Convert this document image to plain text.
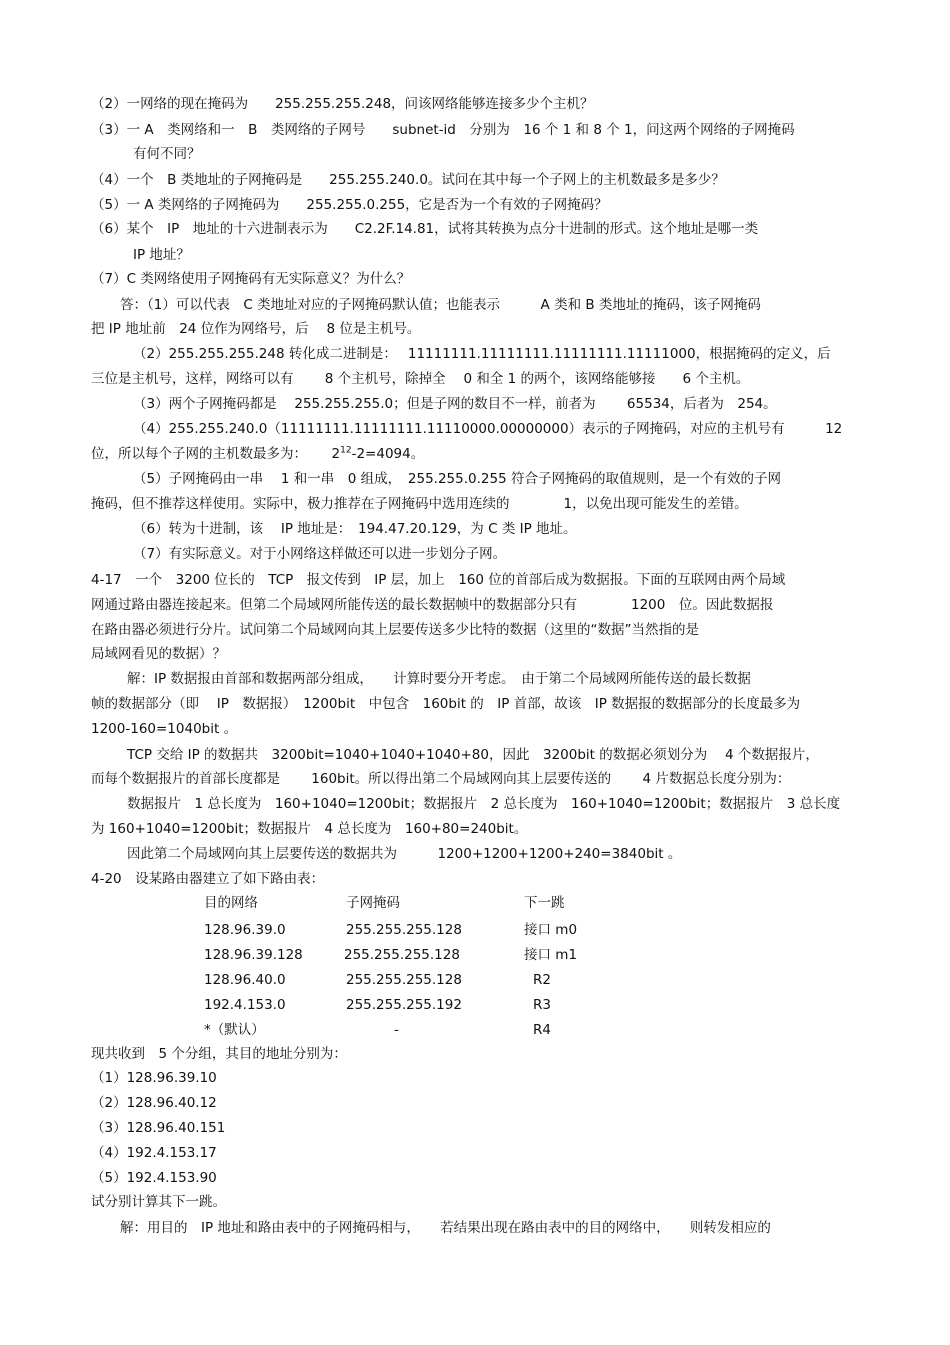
（2）一网络的现在掩码为　　255.255.255.248，问该网络能够连接多少个主机？
（3）一 A　类网络和一　B　类网络的子网号　　subnet-id　分别为　16 个 1 和 8 个 1，问这两个网络的子网掩码
有何不同？
（4）一个　B 类地址的子网掩码是　　255.255.240.0。试问在其中每一个子网上的主机数最多是多少？
（5）一 A 类网络的子网掩码为　　255.255.0.255，它是否为一个有效的子网掩码？
（6）某个　IP　地址的十六进制表示为　　C2.2F.14.81，试将其转换为点分十进制的形式。这个地址是哪一类
IP 地址？
（7）C 类网络使用子网掩码有无实际意义？为什么？
答：（1）可以代表　C 类地址对应的子网掩码默认值；也能表示　　　A 类和 B 类地址的掩码，该子网掩码
把 IP 地址前　24 位作为网络号，后　 8 位是主机号。
（2）255.255.255.248 转化成二进制是：　 11111111.11111111.11111111.11111000，根据掩码的定义，后
三位是主机号，这样，网络可以有　　 8 个主机号，除掉全　 0 和全 1 的两个，该网络能够接　　6 个主机。
（3）两个子网掩码都是　 255.255.255.0；但是子网的数目不一样，前者为　　 65534，后者为　254。
（4）255.255.240.0（11111111.11111111.11110000.00000000）表示的子网掩码，对应的主机号有　　　12
位，所以每个子网的主机数最多为：　　 $2^{12}-2=4094$。
（5）子网掩码由一串　 1 和一串　0 组成，　255.255.0.255 符合子网掩码的取值规则，是一个有效的子网
掩码，但不推荐这样使用。实际中，极力推荐在子网掩码中选用连续的　　　　1，以免出现可能发生的差错。
（6）转为十进制，该　 IP 地址是：　194.47.20.129，为 C 类 IP 地址。
（7）有实际意义。对于小网络这样做还可以进一步划分子网。
4-17　一个　3200 位长的　TCP　报文传到　IP 层，加上　160 位的首部后成为数据报。下面的互联网由两个局域
网通过路由器连接起来。但第二个局域网所能传送的最长数据帧中的数据部分只有　　　　1200　位。因此数据报
在路由器必须进行分片。试问第二个局域网向其上层要传送多少比特的数据（这里的“数据”当然指的是
局域网看见的数据）？
解：IP 数据报由首部和数据两部分组成，　　计算时要分开考虑。　由于第二个局域网所能传送的最长数据
帧的数据部分（即　 IP　数据报）　1200bit　中包含　160bit 的　IP 首部，故该　IP 数据报的数据部分的长度最多为
1200-160=1040bit 。
TCP 交给 IP 的数据共　3200bit=1040+1040+1040+80，因此　3200bit 的数据必须划分为　 4 个数据报片，
而每个数据报片的首部长度都是　　 160bit。所以得出第二个局域网向其上层要传送的　　 4 片数据总长度分别为：
数据报片　1 总长度为　160+1040=1200bit；数据报片　2 总长度为　160+1040=1200bit；数据报片　3 总长度
为 160+1040=1200bit；数据报片　4 总长度为　160+80=240bit。
因此第二个局域网向其上层要传送的数据共为　　　1200+1200+1200+240=3840bit 。
4-20　设某路由器建立了如下路由表：
目的网络	子网掩码	下一跳
128.96.39.0	255.255.255.128	接口 m0
128.96.39.128	255.255.255.128	接口 m1
128.96.40.0	255.255.255.128	R2
192.4.153.0	255.255.255.192	R3
*（默认）	-	R4
现共收到　5 个分组，其目的地址分别为：
（1）128.96.39.10
（2）128.96.40.12
（3）128.96.40.151
（4）192.4.153.17
（5）192.4.153.90
试分别计算其下一跳。
解：用目的　IP 地址和路由表中的子网掩码相与，　　若结果出现在路由表中的目的网络中，　　则转发相应的
